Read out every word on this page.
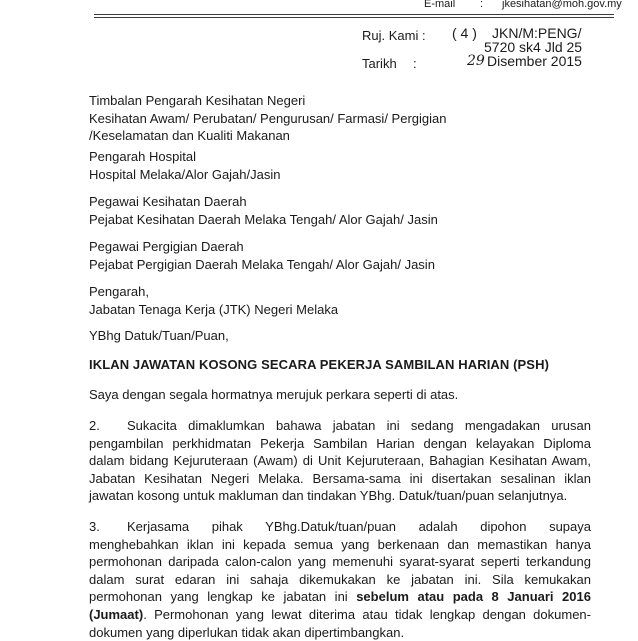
E-mail : jkesihatan@moh.gov.my
Ruj. Kami : ( 4 ) JKN/M:PENG/
5720 sk4 Jld 25
Tarikh :	29 Disember 2015
Timbalan Pengarah Kesihatan Negeri
Kesihatan Awam/ Perubatan/ Pengurusan/ Farmasi/ Pergigian
/Keselamatan dan Kualiti Makanan
Pengarah Hospital
Hospital Melaka/Alor Gajah/Jasin
Pegawai Kesihatan Daerah
Pejabat Kesihatan Daerah Melaka Tengah/ Alor Gajah/ Jasin
Pegawai Pergigian Daerah
Pejabat Pergigian Daerah Melaka Tengah/ Alor Gajah/ Jasin
Pengarah,
Jabatan Tenaga Kerja (JTK) Negeri Melaka
YBhg Datuk/Tuan/Puan,
IKLAN JAWATAN KOSONG SECARA PEKERJA SAMBILAN HARIAN (PSH)
Saya dengan segala hormatnya merujuk perkara seperti di atas.
2. Sukacita dimaklumkan bahawa jabatan ini sedang mengadakan urusan
pengambilan perkhidmatan Pekerja Sambilan Harian dengan kelayakan Diploma
dalam bidang Kejuruteraan (Awam) di Unit Kejuruteraan, Bahagian Kesihatan Awam,
Jabatan Kesihatan Negeri Melaka. Bersama-sama ini disertakan sesalinan iklan
jawatan kosong untuk makluman dan tindakan YBhg. Datuk/tuan/puan selanjutnya.
3. Kerjasama pihak YBhg.Datuk/tuan/puan adalah dipohon supaya
menghebahkan iklan ini kepada semua yang berkenaan dan memastikan hanya
permohonan daripada calon-calon yang memenuhi syarat-syarat seperti terkandung
dalam surat edaran ini sahaja dikemukakan ke jabatan ini. Sila kemukakan
permohonan yang lengkap ke jabatan ini sebelum atau pada 8 Januari 2016
(Jumaat). Permohonan yang lewat diterima atau tidak lengkap dengan dokumen-
dokumen yang diperlukan tidak akan dipertimbangkan.
